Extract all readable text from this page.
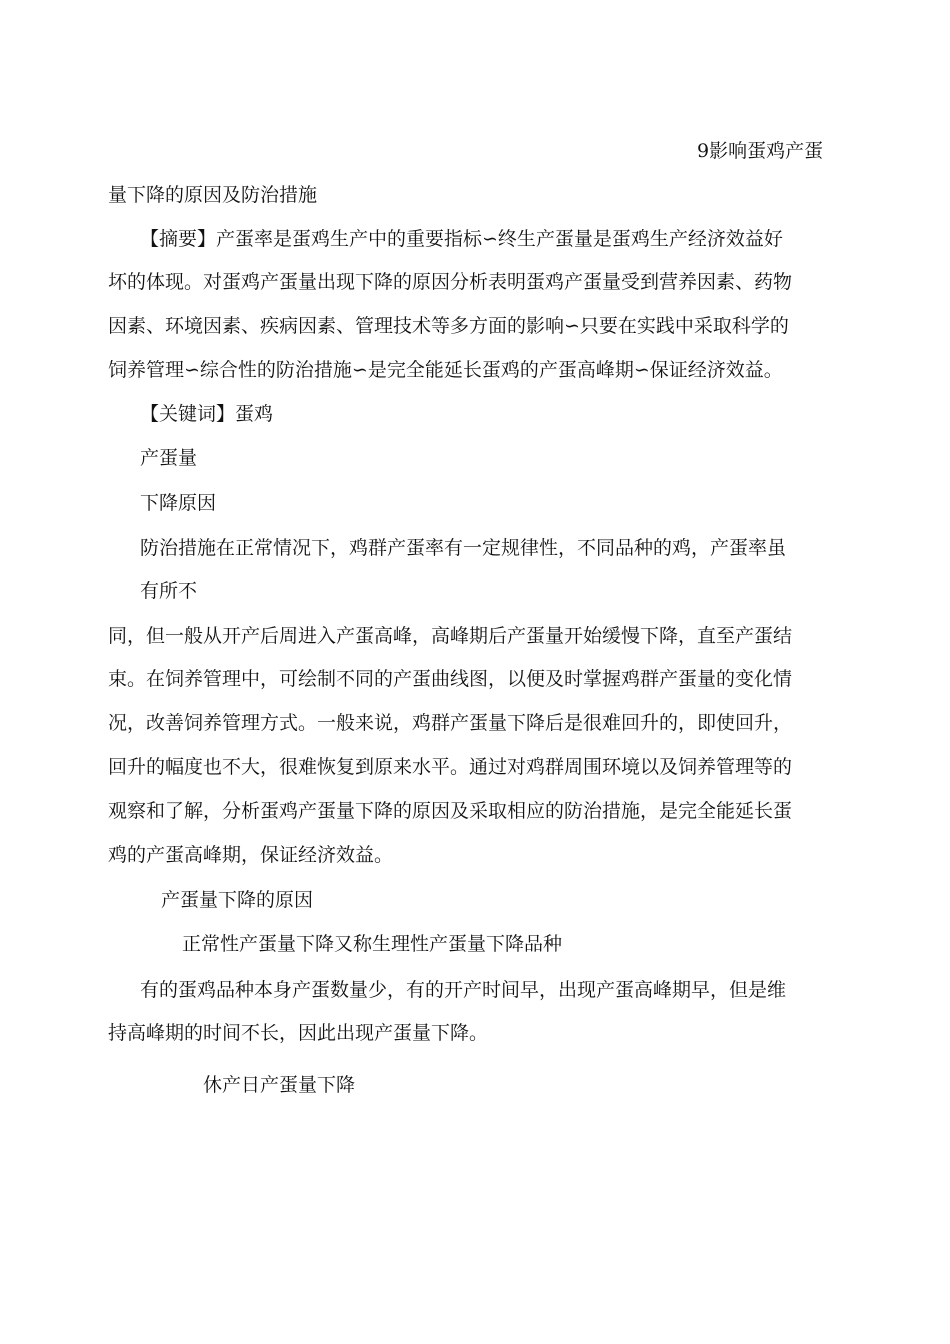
9影响蛋鸡产蛋
量下降的原因及防治措施
【摘要】产蛋率是蛋鸡生产中的重要指标∽终生产蛋量是蛋鸡生产经济效益好
坏的体现。对蛋鸡产蛋量出现下降的原因分析表明蛋鸡产蛋量受到营养因素、药物
因素、环境因素、疾病因素、管理技术等多方面的影响∽只要在实践中采取科学的
饲养管理∽综合性的防治措施∽是完全能延长蛋鸡的产蛋高峰期∽保证经济效益。
【关键词】蛋鸡
产蛋量
下降原因
防治措施在正常情况下，鸡群产蛋率有一定规律性，不同品种的鸡，产蛋率虽
有所不
同，但一般从开产后周进入产蛋高峰，高峰期后产蛋量开始缓慢下降，直至产蛋结
束。在饲养管理中，可绘制不同的产蛋曲线图，以便及时掌握鸡群产蛋量的变化情
况，改善饲养管理方式。一般来说，鸡群产蛋量下降后是很难回升的，即使回升，
回升的幅度也不大，很难恢复到原来水平。通过对鸡群周围环境以及饲养管理等的
观察和了解，分析蛋鸡产蛋量下降的原因及采取相应的防治措施，是完全能延长蛋
鸡的产蛋高峰期，保证经济效益。
产蛋量下降的原因
正常性产蛋量下降又称生理性产蛋量下降品种
有的蛋鸡品种本身产蛋数量少，有的开产时间早，出现产蛋高峰期早，但是维
持高峰期的时间不长，因此出现产蛋量下降。
休产日产蛋量下降
